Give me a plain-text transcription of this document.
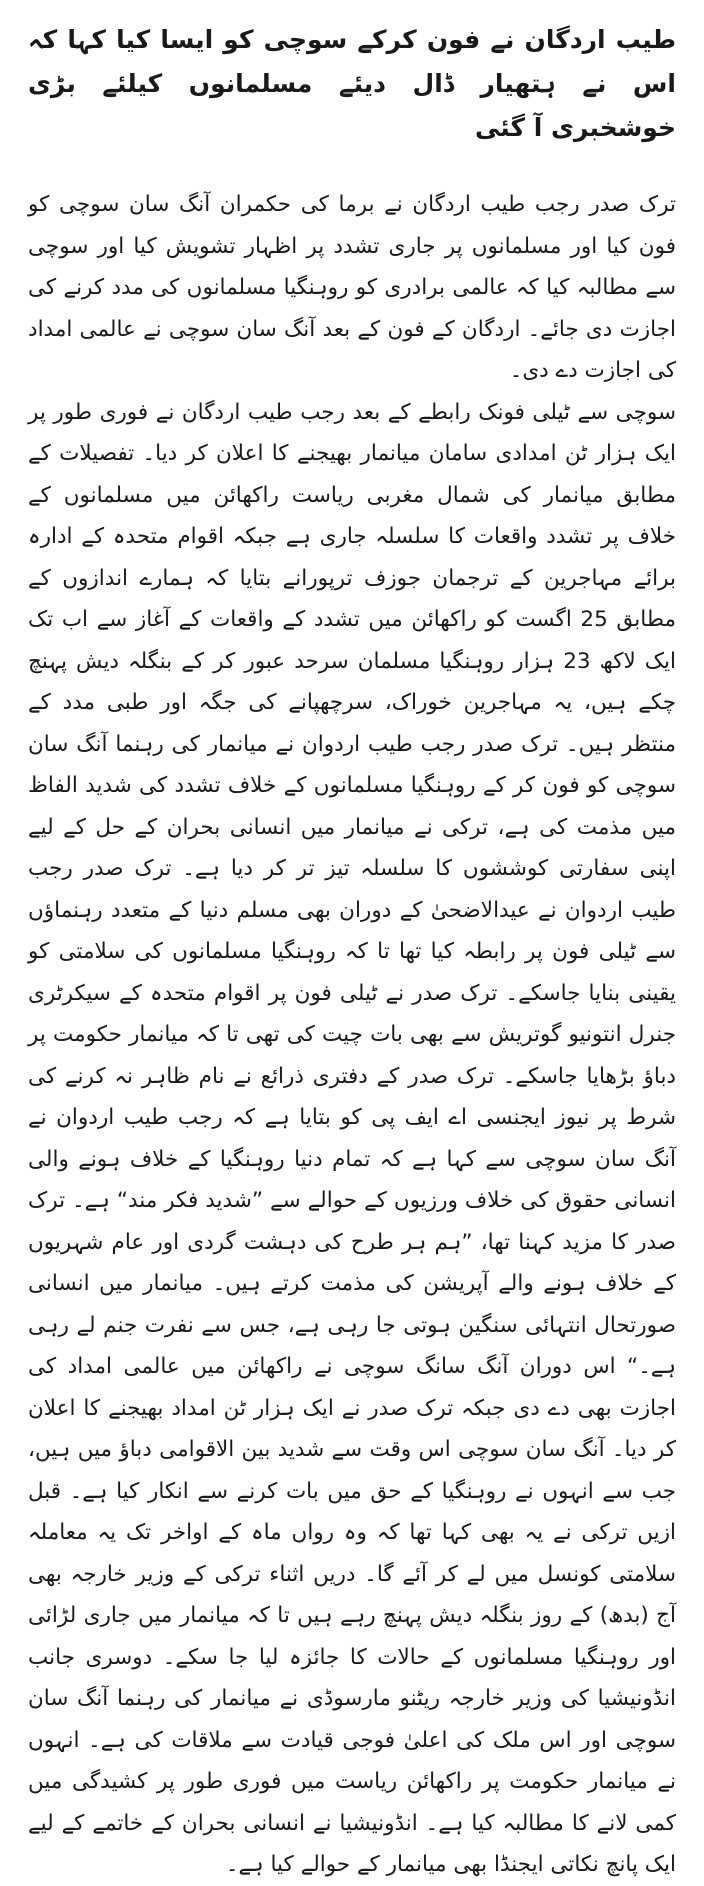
طیب اردگان نے فون کرکے سوچی کو ایسا کیا کہا کہ اس نے ہتھیار ڈال دیئے مسلمانوں کیلئے بڑی خوشخبری آ گئی

ترک صدر رجب طیب اردگان نے برما کی حکمران آنگ سان سوچی کو فون کیا اور مسلمانوں پر جاری تشدد پر اظہار تشویش کیا اور سوچی سے مطالبہ کیا کہ عالمی برادری کو روہنگیا مسلمانوں کی مدد کرنے کی اجازت دی جائے۔ اردگان کے فون کے بعد آنگ سان سوچی نے عالمی امداد کی اجازت دے دی۔

سوچی سے ٹیلی فونک رابطے کے بعد رجب طیب اردگان نے فوری طور پر ایک ہزار ٹن امدادی سامان میانمار بھیجنے کا اعلان کر دیا۔ تفصیلات کے مطابق میانمار کی شمال مغربی ریاست راکھائن میں مسلمانوں کے خلاف پر تشدد واقعات کا سلسلہ جاری ہے جبکہ اقوام متحدہ کے ادارہ برائے مہاجرین کے ترجمان جوزف ترپورانے بتایا کہ ہمارے اندازوں کے مطابق 25 اگست کو راکھائن میں تشدد کے واقعات کے آغاز سے اب تک ایک لاکھ 23 ہزار روہنگیا مسلمان سرحد عبور کر کے بنگلہ دیش پہنچ چکے ہیں، یہ مہاجرین خوراک، سرچھپانے کی جگہ اور طبی مدد کے منتظر ہیں۔ ترک صدر رجب طیب اردوان نے میانمار کی رہنما آنگ سان سوچی کو فون کر کے روہنگیا مسلمانوں کے خلاف تشدد کی شدید الفاظ میں مذمت کی ہے، ترکی نے میانمار میں انسانی بحران کے حل کے لیے اپنی سفارتی کوششوں کا سلسلہ تیز تر کر دیا ہے۔ ترک صدر رجب طیب اردوان نے عیدالاضحیٰ کے دوران بھی مسلم دنیا کے متعدد رہنماؤں سے ٹیلی فون پر رابطہ کیا تھا تا کہ روہنگیا مسلمانوں کی سلامتی کو یقینی بنایا جاسکے۔ ترک صدر نے ٹیلی فون پر اقوام متحدہ کے سیکرٹری جنرل انتونیو گوتریش سے بھی بات چیت کی تھی تا کہ میانمار حکومت پر دباؤ بڑھایا جاسکے۔ ترک صدر کے دفتری ذرائع نے نام ظاہر نہ کرنے کی شرط پر نیوز ایجنسی اے ایف پی کو بتایا ہے کہ رجب طیب اردوان نے آنگ سان سوچی سے کہا ہے کہ تمام دنیا روہنگیا کے خلاف ہونے والی انسانی حقوق کی خلاف ورزیوں کے حوالے سے ”شدید فکر مند“ ہے۔ ترک صدر کا مزید کہنا تھا، ”ہم ہر طرح کی دہشت گردی اور عام شہریوں کے خلاف ہونے والے آپریشن کی مذمت کرتے ہیں۔ میانمار میں انسانی صورتحال انتہائی سنگین ہوتی جا رہی ہے، جس سے نفرت جنم لے رہی ہے۔“ اس دوران آنگ سانگ سوچی نے راکھائن میں عالمی امداد کی اجازت بھی دے دی جبکہ ترک صدر نے ایک ہزار ٹن امداد بھیجنے کا اعلان کر دیا۔ آنگ سان سوچی اس وقت سے شدید بین الاقوامی دباؤ میں ہیں، جب سے انہوں نے روہنگیا کے حق میں بات کرنے سے انکار کیا ہے۔ قبل ازیں ترکی نے یہ بھی کہا تھا کہ وہ رواں ماہ کے اواخر تک یہ معاملہ سلامتی کونسل میں لے کر آئے گا۔ دریں اثناء ترکی کے وزیر خارجہ بھی آج (بدھ) کے روز بنگلہ دیش پہنچ رہے ہیں تا کہ میانمار میں جاری لڑائی اور روہنگیا مسلمانوں کے حالات کا جائزہ لیا جا سکے۔ دوسری جانب انڈونیشیا کی وزیر خارجہ ریٹنو مارسوڈی نے میانمار کی رہنما آنگ سان سوچی اور اس ملک کی اعلیٰ فوجی قیادت سے ملاقات کی ہے۔ انہوں نے میانمار حکومت پر راکھائن ریاست میں فوری طور پر کشیدگی میں کمی لانے کا مطالبہ کیا ہے۔ انڈونیشیا نے انسانی بحران کے خاتمے کے لیے ایک پانچ نکاتی ایجنڈا بھی میانمار کے حوالے کیا ہے۔
